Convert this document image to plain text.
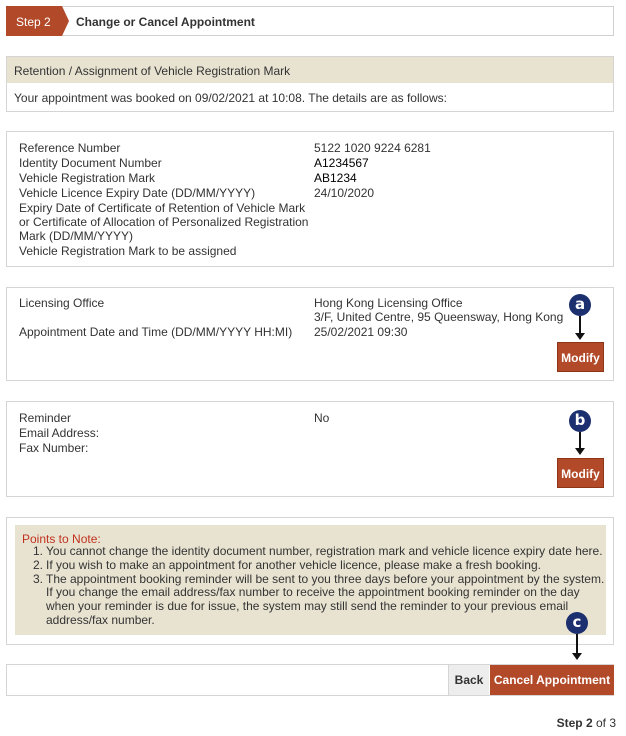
Step 2 Change or Cancel Appointment
Retention / Assignment of Vehicle Registration Mark
Your appointment was booked on 09/02/2021 at 10:08. The details are as follows:
Reference Number	5122 1020 9224 6281
Identity Document Number	A1234567
Vehicle Registration Mark	AB1234
Vehicle Licence Expiry Date (DD/MM/YYYY)	24/10/2020
Expiry Date of Certificate of Retention of Vehicle Mark
or Certificate of Allocation of Personalized Registration
Mark (DD/MM/YYYY)
Vehicle Registration Mark to be assigned
Licensing Office	Hong Kong Licensing Office
3/F, United Centre, 95 Queensway, Hong Kong
Appointment Date and Time (DD/MM/YYYY HH:MI) 25/02/2021 09:30
a
Modify
Reminder	No
Email Address:
Fax Number:
b
Modify
Points to Note:
1. You cannot change the identity document number, registration mark and vehicle licence expiry date here.
2. If you wish to make an appointment for another vehicle licence, please make a fresh booking.
3. The appointment booking reminder will be sent to you three days before your appointment by the system.
If you change the email address/fax number to receive the appointment booking reminder on the day
when your reminder is due for issue, the system may still send the reminder to your previous email
address/fax number.	c
Back Cancel Appointment
Step 2 of 3
